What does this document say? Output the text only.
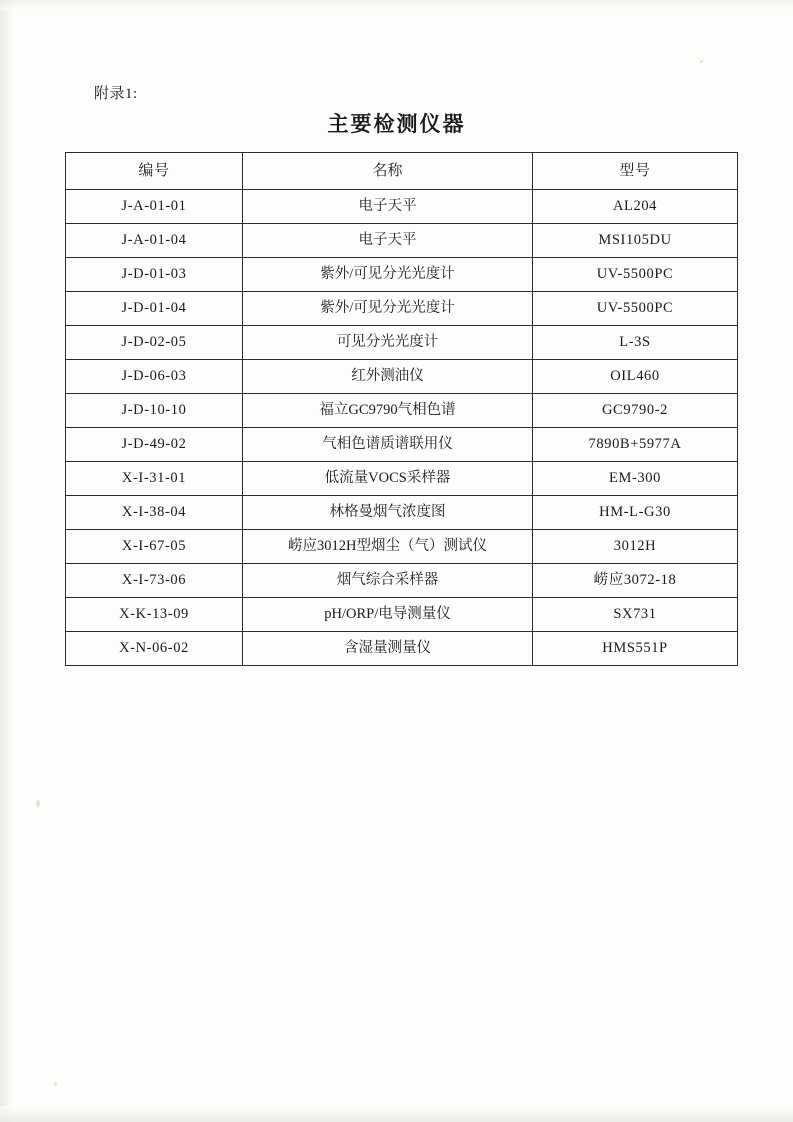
附录1:
主要检测仪器
编号	名称	型号
J-A-01-01	电子天平	AL204
J-A-01-04	电子天平	MSI105DU
J-D-01-03	紫外/可见分光光度计	UV-5500PC
J-D-01-04	紫外/可见分光光度计	UV-5500PC
J-D-02-05	可见分光光度计	L-3S
J-D-06-03	红外测油仪	OIL460
J-D-10-10	福立GC9790气相色谱	GC9790-2
J-D-49-02	气相色谱质谱联用仪	7890B+5977A
X-I-31-01	低流量VOCS采样器	EM-300
X-I-38-04	林格曼烟气浓度图	HM-L-G30
X-I-67-05	崂应3012H型烟尘（气）测试仪	3012H
X-I-73-06	烟气综合采样器	崂应3072-18
X-K-13-09	pH/ORP/电导测量仪	SX731
X-N-06-02	含湿量测量仪	HMS551P
